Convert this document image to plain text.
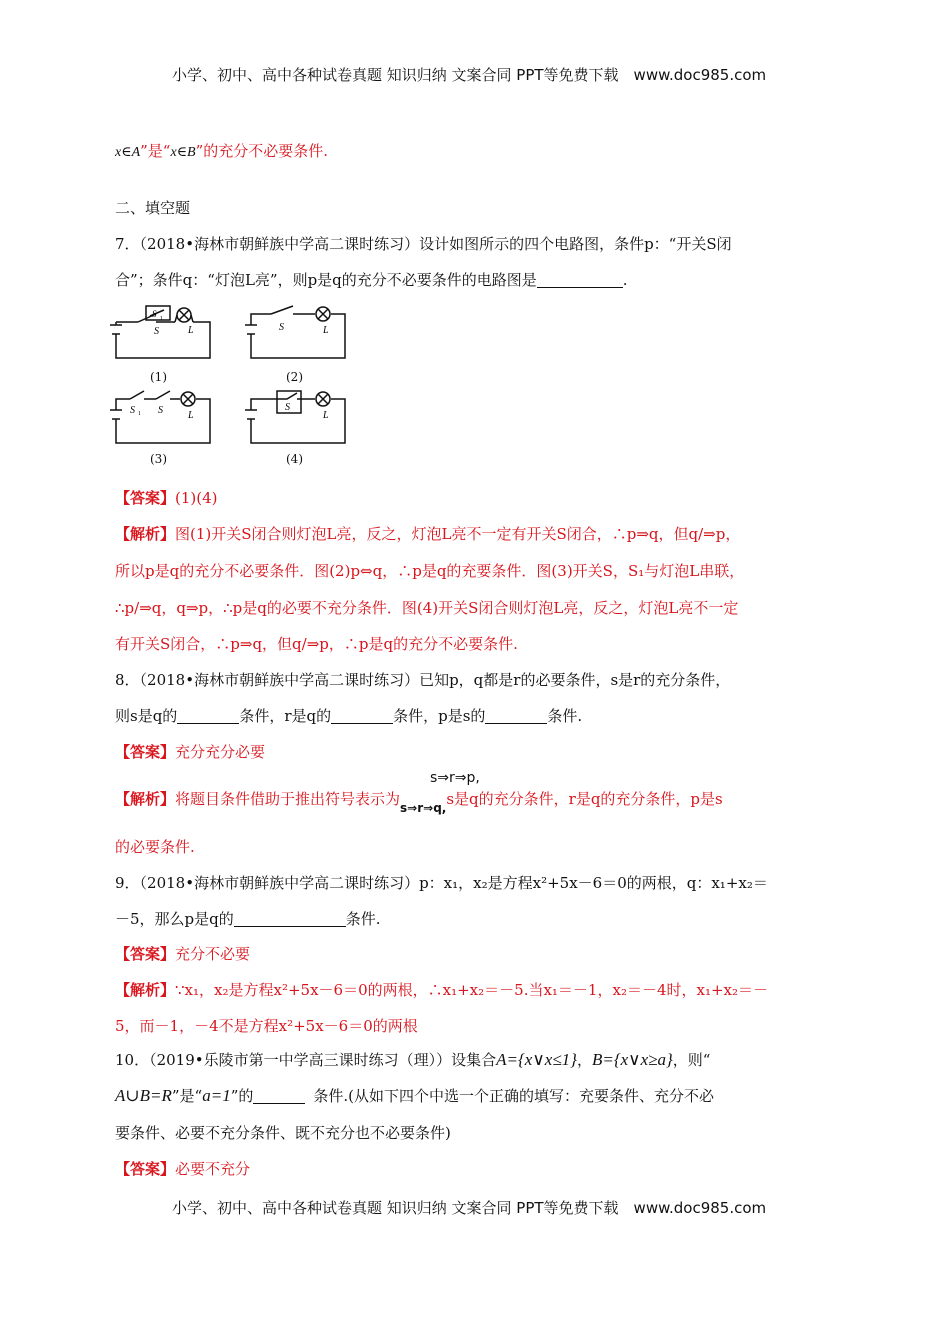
小学、初中、高中各种试卷真题 知识归纳 文案合同 PPT等免费下载　www.doc985.com
x∈A”是“x∈B”的充分不必要条件.
二、填空题
7．（2018•海林市朝鲜族中学高二课时练习）设计如图所示的四个电路图，条件p：“开关S闭
合”；条件q：“灯泡L亮”，则p是q的充分不必要条件的电路图是	.
S 1
S	L
(1)
S	L
(2)
S 1 S	L
(3)
S
L
(4)
【答案】(1)(4)
【解析】图(1)开关S闭合则灯泡L亮，反之，灯泡L亮不一定有开关S闭合，∴p⇒q，但q/⇒p，
所以p是q的充分不必要条件．图(2)p⇔q，∴p是q的充要条件．图(3)开关S，S₁与灯泡L串联，
∴p/⇒q，q⇒p，∴p是q的必要不充分条件．图(4)开关S闭合则灯泡L亮，反之，灯泡L亮不一定
有开关S闭合，∴p⇒q，但q/⇒p，∴p是q的充分不必要条件.
8．（2018•海林市朝鲜族中学高二课时练习）已知p，q都是r的必要条件，s是r的充分条件，
则s是q的	条件，r是q的	条件，p是s的	条件.
【答案】充分充分必要
s⇒r⇒p,
【解析】将题目条件借助于推出符号表示为s⇒r⇒q,s是q的充分条件，r是q的充分条件，p是s
的必要条件.
9．（2018•海林市朝鲜族中学高二课时练习）p：x₁，x₂是方程x²+5x－6＝0的两根，q：x₁+x₂＝
－5，那么p是q的	条件.
【答案】充分不必要
【解析】∵x₁，x₂是方程x²+5x－6＝0的两根，∴x₁+x₂＝－5.当x₁＝－1，x₂＝－4时，x₁+x₂＝－
5，而－1，－4不是方程x²+5x－6＝0的两根
10．（2019•乐陵市第一中学高三课时练习（理））设集合A={x∨x≤1}，B={x∨x≥a}，则“
A∪B=R”是“a=1”的	条件.(从如下四个中选一个正确的填写：充要条件、充分不必
要条件、必要不充分条件、既不充分也不必要条件)
【答案】必要不充分
小学、初中、高中各种试卷真题 知识归纳 文案合同 PPT等免费下载　www.doc985.com
